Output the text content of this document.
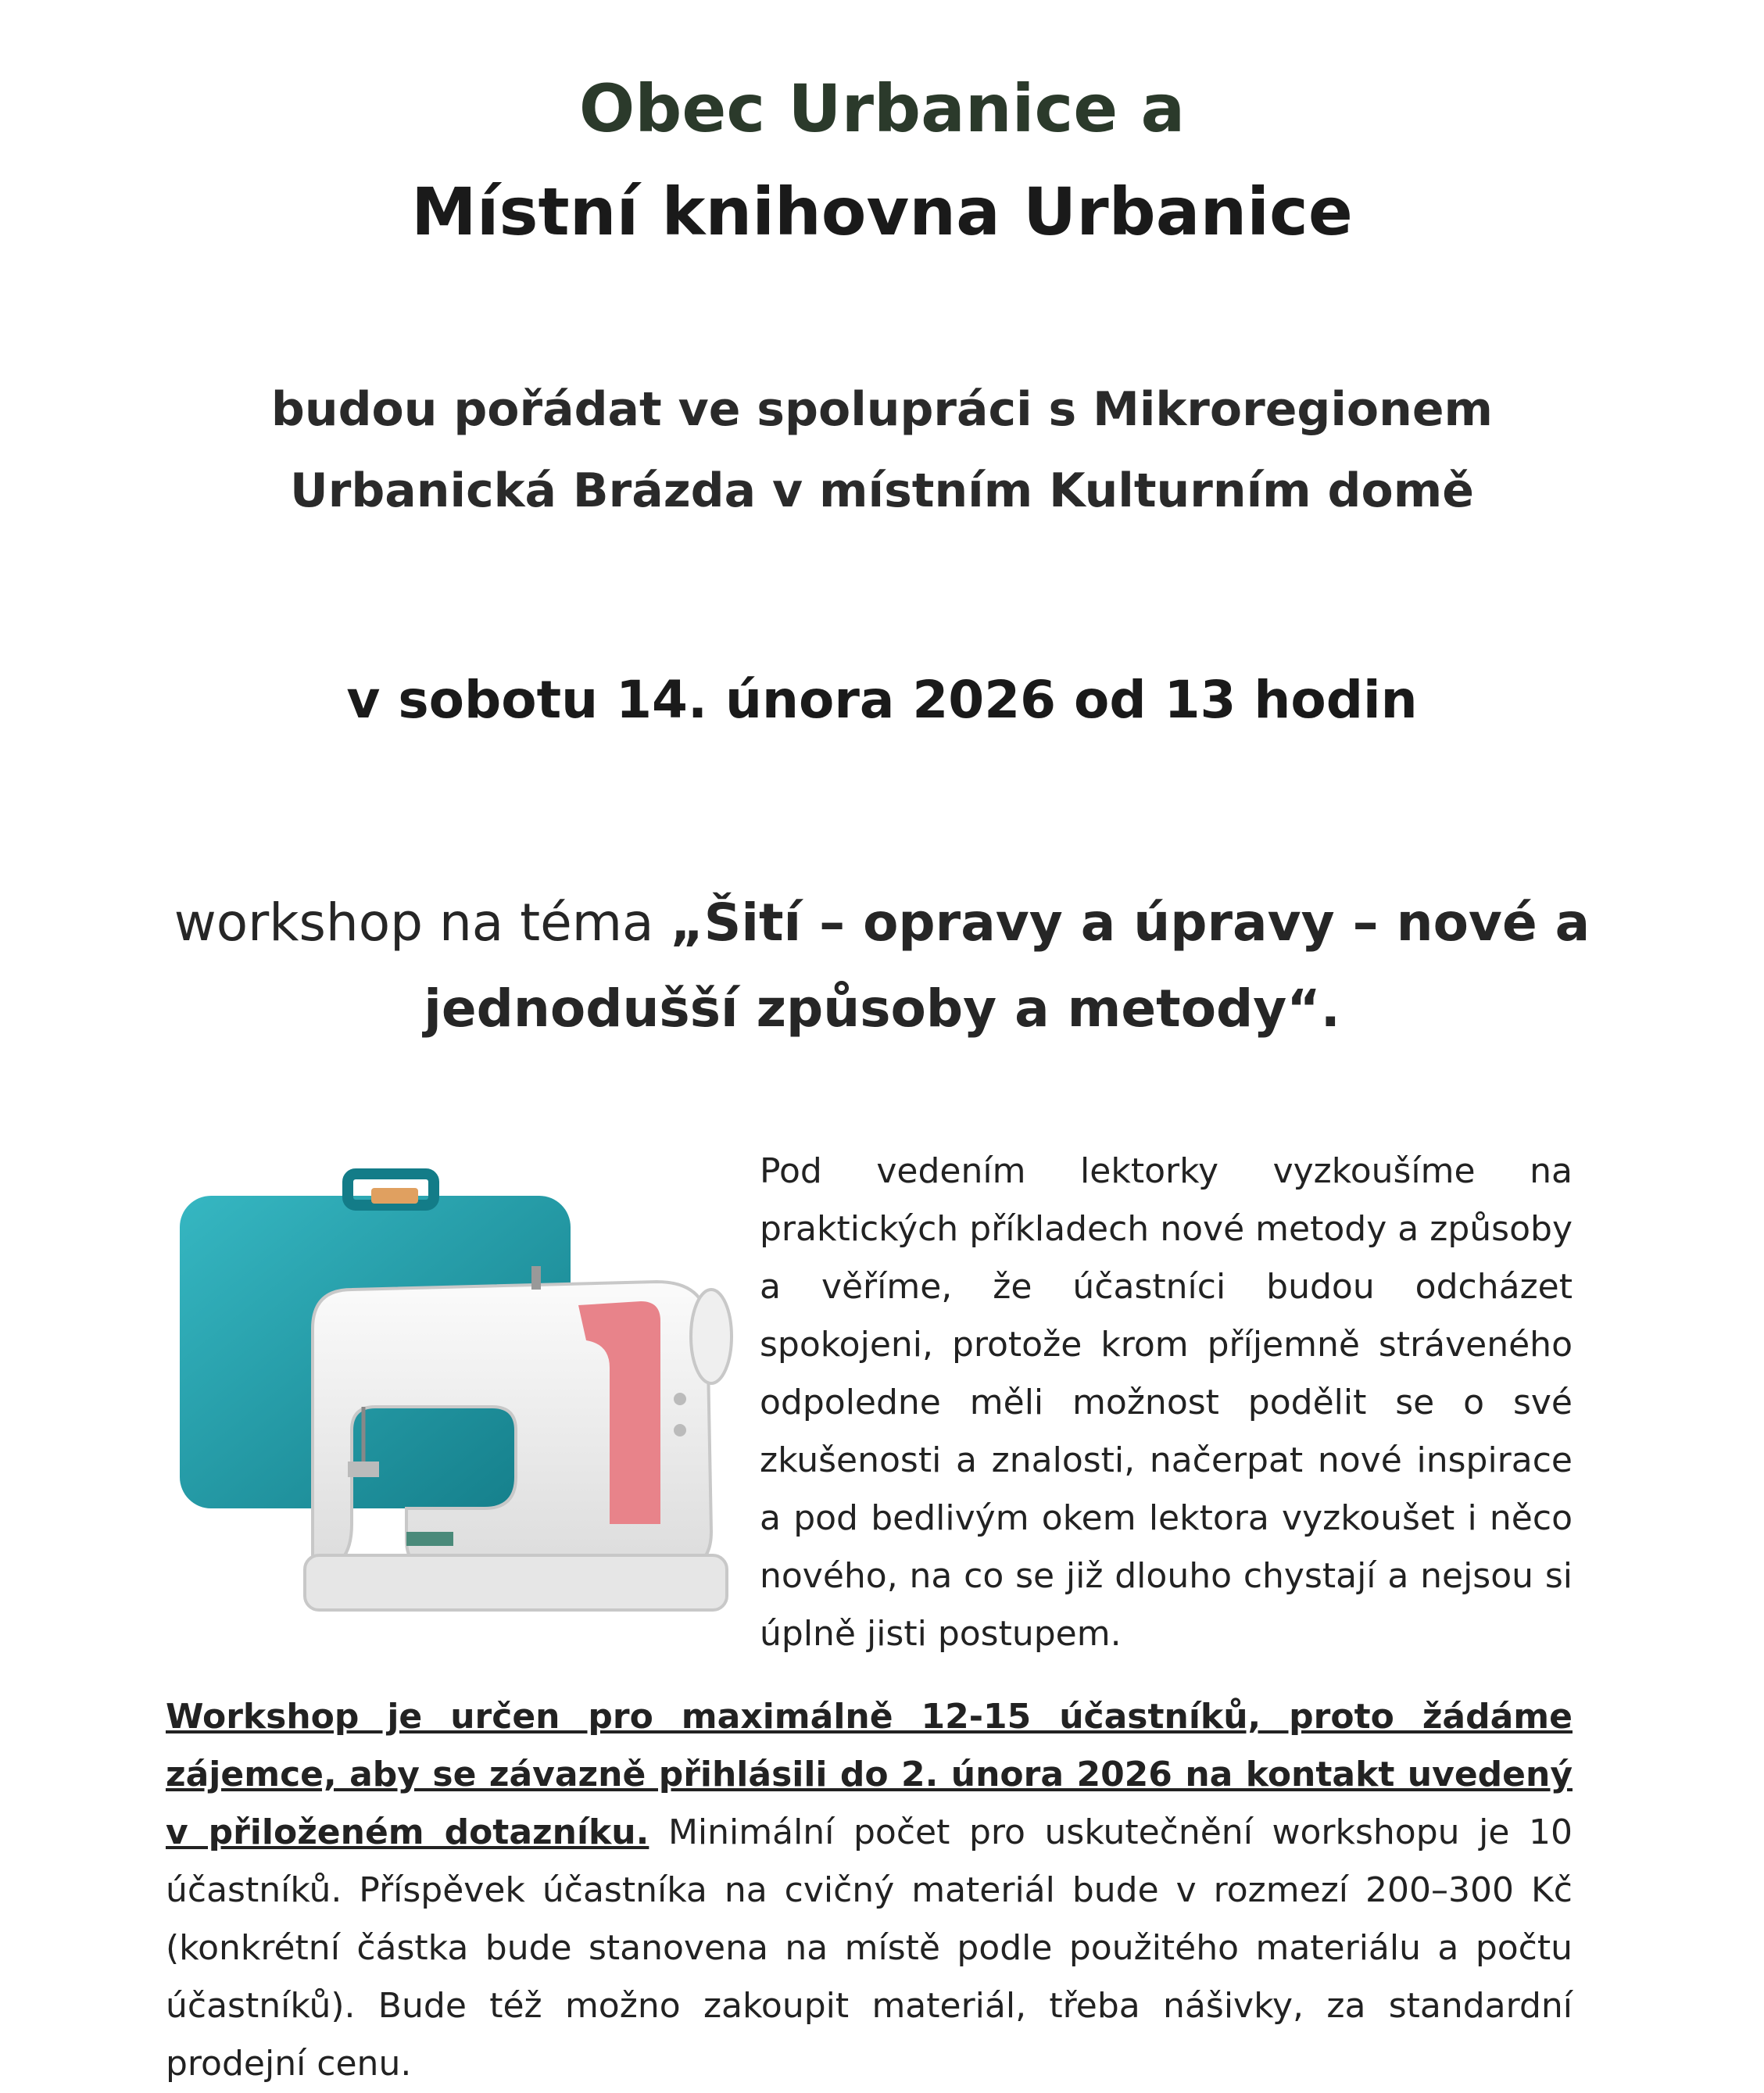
Obec Urbanice a
Místní knihovna Urbanice
budou pořádat ve spolupráci s Mikroregionem
Urbanická Brázda v místním Kulturním domě
v sobotu 14. února 2026 od 13 hodin
workshop na téma „Šití – opravy a úpravy – nové a
jednodušší způsoby a metody“.
Pod vedením lektorky vyzkoušíme na praktických příkladech nové metody a způsoby a věříme, že účastníci budou odcházet spokojeni, protože krom příjemně stráveného odpoledne měli možnost podělit se o své zkušenosti a znalosti, načerpat nové inspirace a pod bedlivým okem lektora vyzkoušet i něco nového, na co se již dlouho chystají a nejsou si úplně jisti postupem.
Workshop je určen pro maximálně 12-15 účastníků, proto žádáme zájemce, aby se závazně přihlásili do 2. února 2026 na kontakt uvedený v přiloženém dotazníku. Minimální počet pro uskutečnění workshopu je 10 účastníků. Příspěvek účastníka na cvičný materiál bude v rozmezí 200–300 Kč (konkrétní částka bude stanovena na místě podle použitého materiálu a počtu účastníků). Bude též možno zakoupit materiál, třeba nášivky, za standardní prodejní cenu.
